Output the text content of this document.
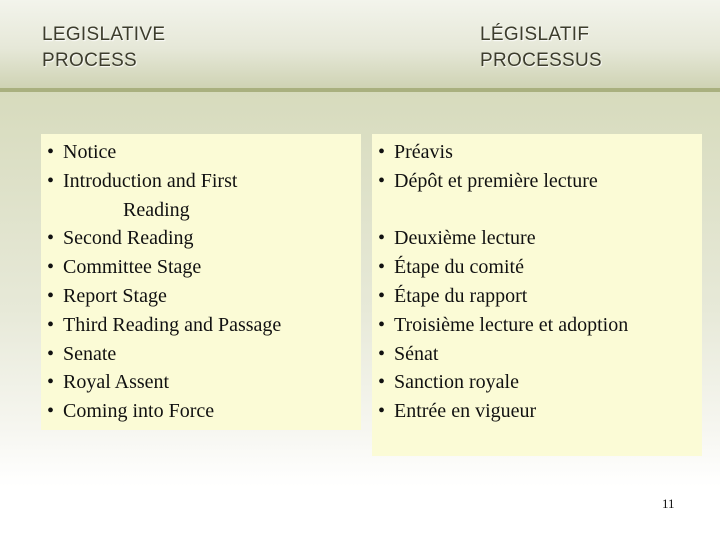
LEGISLATIVE
PROCESS
LÉGISLATIF
PROCESSUS
• Notice
• Introduction and First
Reading
• Second Reading
• Committee Stage
• Report Stage
• Third Reading and Passage
• Senate
• Royal Assent
• Coming into Force
• Préavis
• Dépôt et première lecture
• Deuxième lecture
• Étape du comité
• Étape du rapport
• Troisième lecture et adoption
• Sénat
• Sanction royale
• Entrée en vigueur
11
